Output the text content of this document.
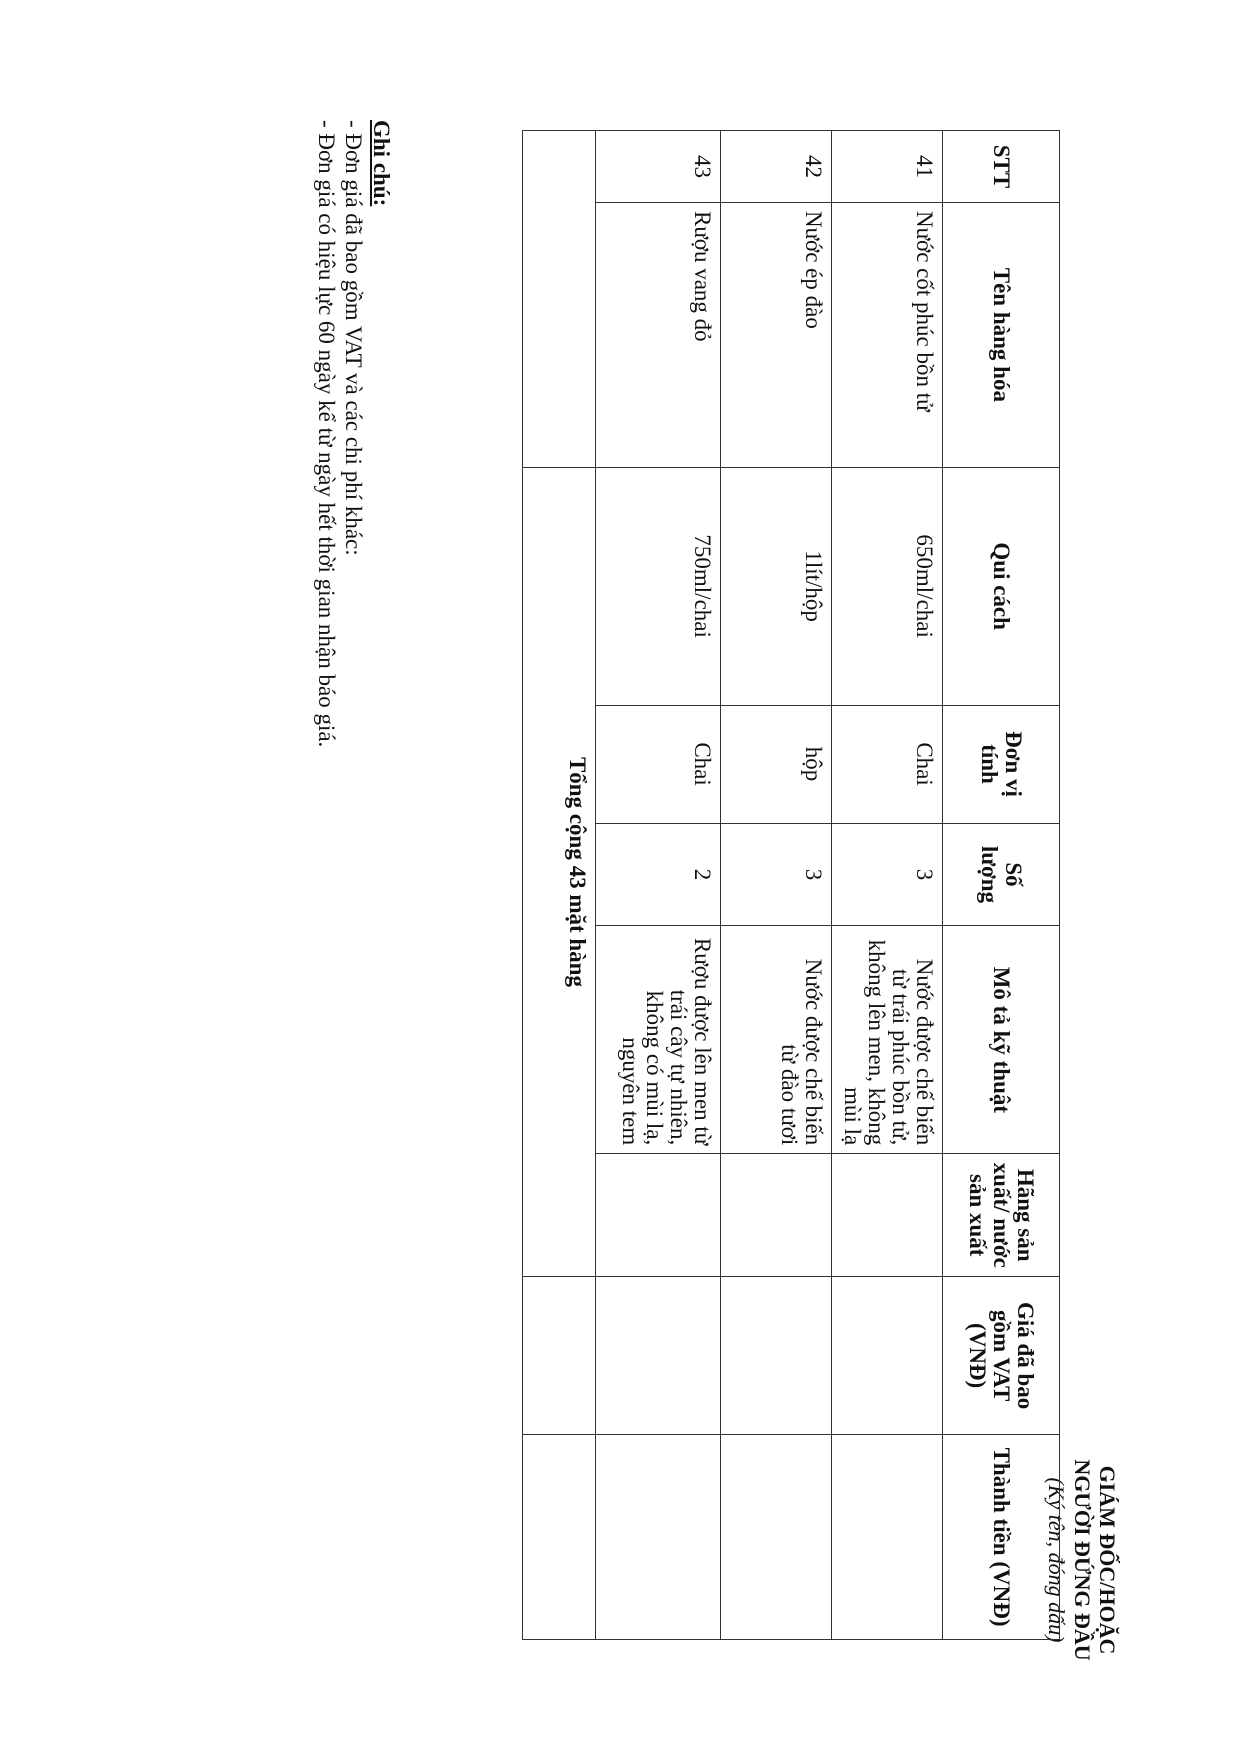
GIÁM ĐỐC/HOẶC
NGƯỜI ĐỨNG ĐẦU
(Ký tên, đóng dấu)
STT	Tên hàng hóa	Qui cách	Đơn vị tính	Số lượng	Mô tả kỹ thuật	Hãng sản xuất/ nước sản xuất	Giá đã bao gồm VAT (VNĐ)	Thành tiền (VNĐ)
41	Nước cốt phúc bồn tử	650ml/chai	Chai	3	Nước được chế biến từ trái phúc bồn tử, không lên men, không mùi lạ			
42	Nước ép đào	1lít/hộp	hộp	3	Nước được chế biến từ đào tươi			
43	Rượu vang đỏ	750ml/chai	Chai	2	Rượu được lên men từ trái cây tự nhiên, không có mùi lạ, nguyên tem			
		Tổng cộng 43 mặt hàng						
Ghi chú:
- Đơn giá đã bao gồm VAT và các chi phí khác:
- Đơn giá có hiệu lực 60 ngày kể từ ngày hết thời gian nhận báo giá.
